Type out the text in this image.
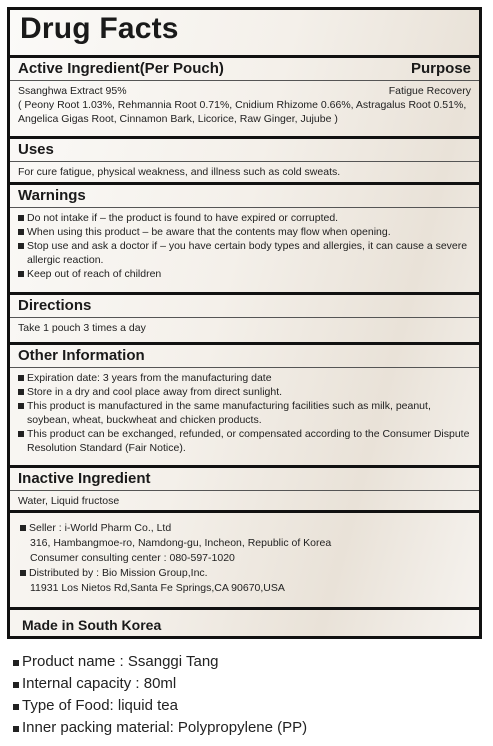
Drug Facts
Active Ingredient(Per Pouch)	Purpose
Ssanghwa Extract 95%	Fatigue Recovery
( Peony Root 1.03%, Rehmannia Root 0.71%, Cnidium Rhizome 0.66%, Astragalus Root 0.51%,
Angelica Gigas Root, Cinnamon Bark, Licorice, Raw Ginger, Jujube )
Uses
For cure fatigue, physical weakness, and illness such as cold sweats.
Warnings
Do not intake if – the product is found to have expired or corrupted.
When using this product – be aware that the contents may flow when opening.
Stop use and ask a doctor if – you have certain body types and allergies, it can cause a severe allergic reaction.
Keep out of reach of children
Directions
Take 1 pouch 3 times a day
Other Information
Expiration date: 3 years from the manufacturing date
Store in a dry and cool place away from direct sunlight.
This product is manufactured in the same manufacturing facilities such as milk, peanut, soybean, wheat, buckwheat and chicken products.
This product can be exchanged, refunded, or compensated according to the Consumer Dispute Resolution Standard (Fair Notice).
Inactive Ingredient
Water, Liquid fructose
Seller : i-World Pharm Co., Ltd
316, Hambangmoe-ro, Namdong-gu, Incheon, Republic of Korea
Consumer consulting center : 080-597-1020
Distributed by : Bio Mission Group,Inc.
11931 Los Nietos Rd,Santa Fe Springs,CA 90670,USA
Made in South Korea
Product name : Ssanggi Tang
Internal capacity : 80ml
Type of Food: liquid tea
Inner packing material: Polypropylene (PP)
